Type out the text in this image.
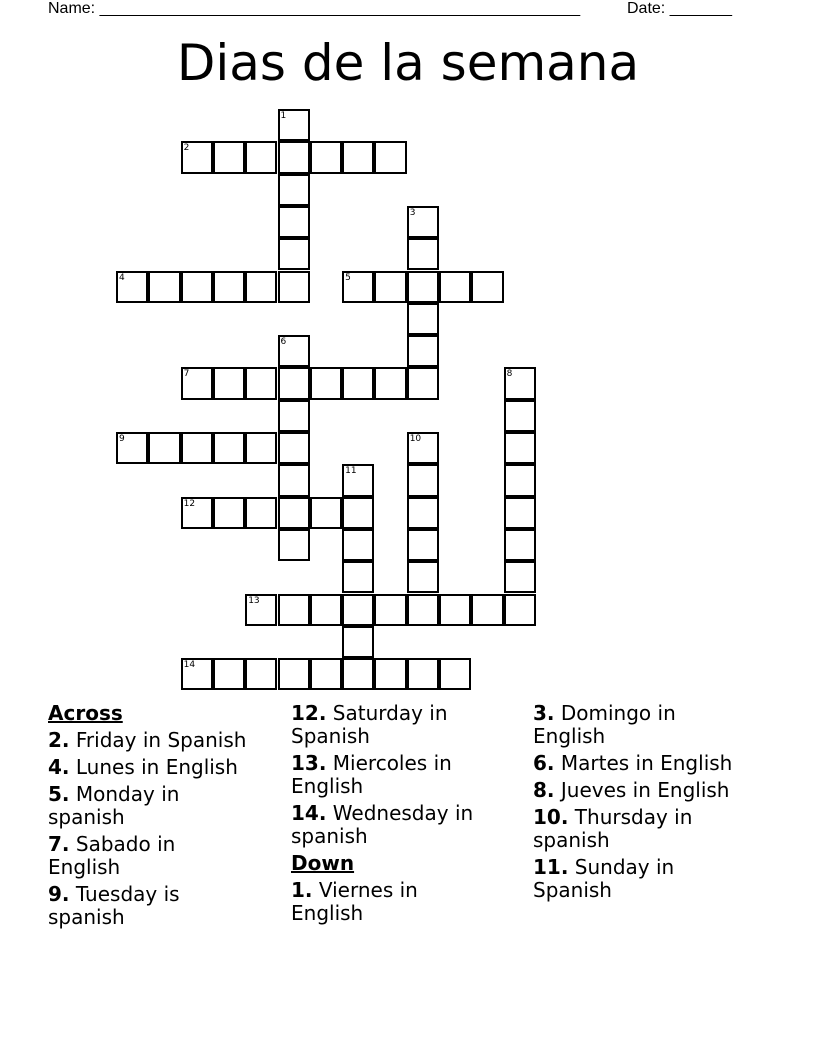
Name: ______________________________________________________	Date: _______
Dias de la semana
1
2
3
4	5
6
7	8
9	10
11
12
13
14
Across
2. Friday in Spanish
4. Lunes in English
5. Monday in spanish
7. Sabado in English
9. Tuesday is spanish
12. Saturday in Spanish
13. Miercoles in English
14. Wednesday in spanish
Down
1. Viernes in English
3. Domingo in English
6. Martes in English
8. Jueves in English
10. Thursday in spanish
11. Sunday in Spanish
